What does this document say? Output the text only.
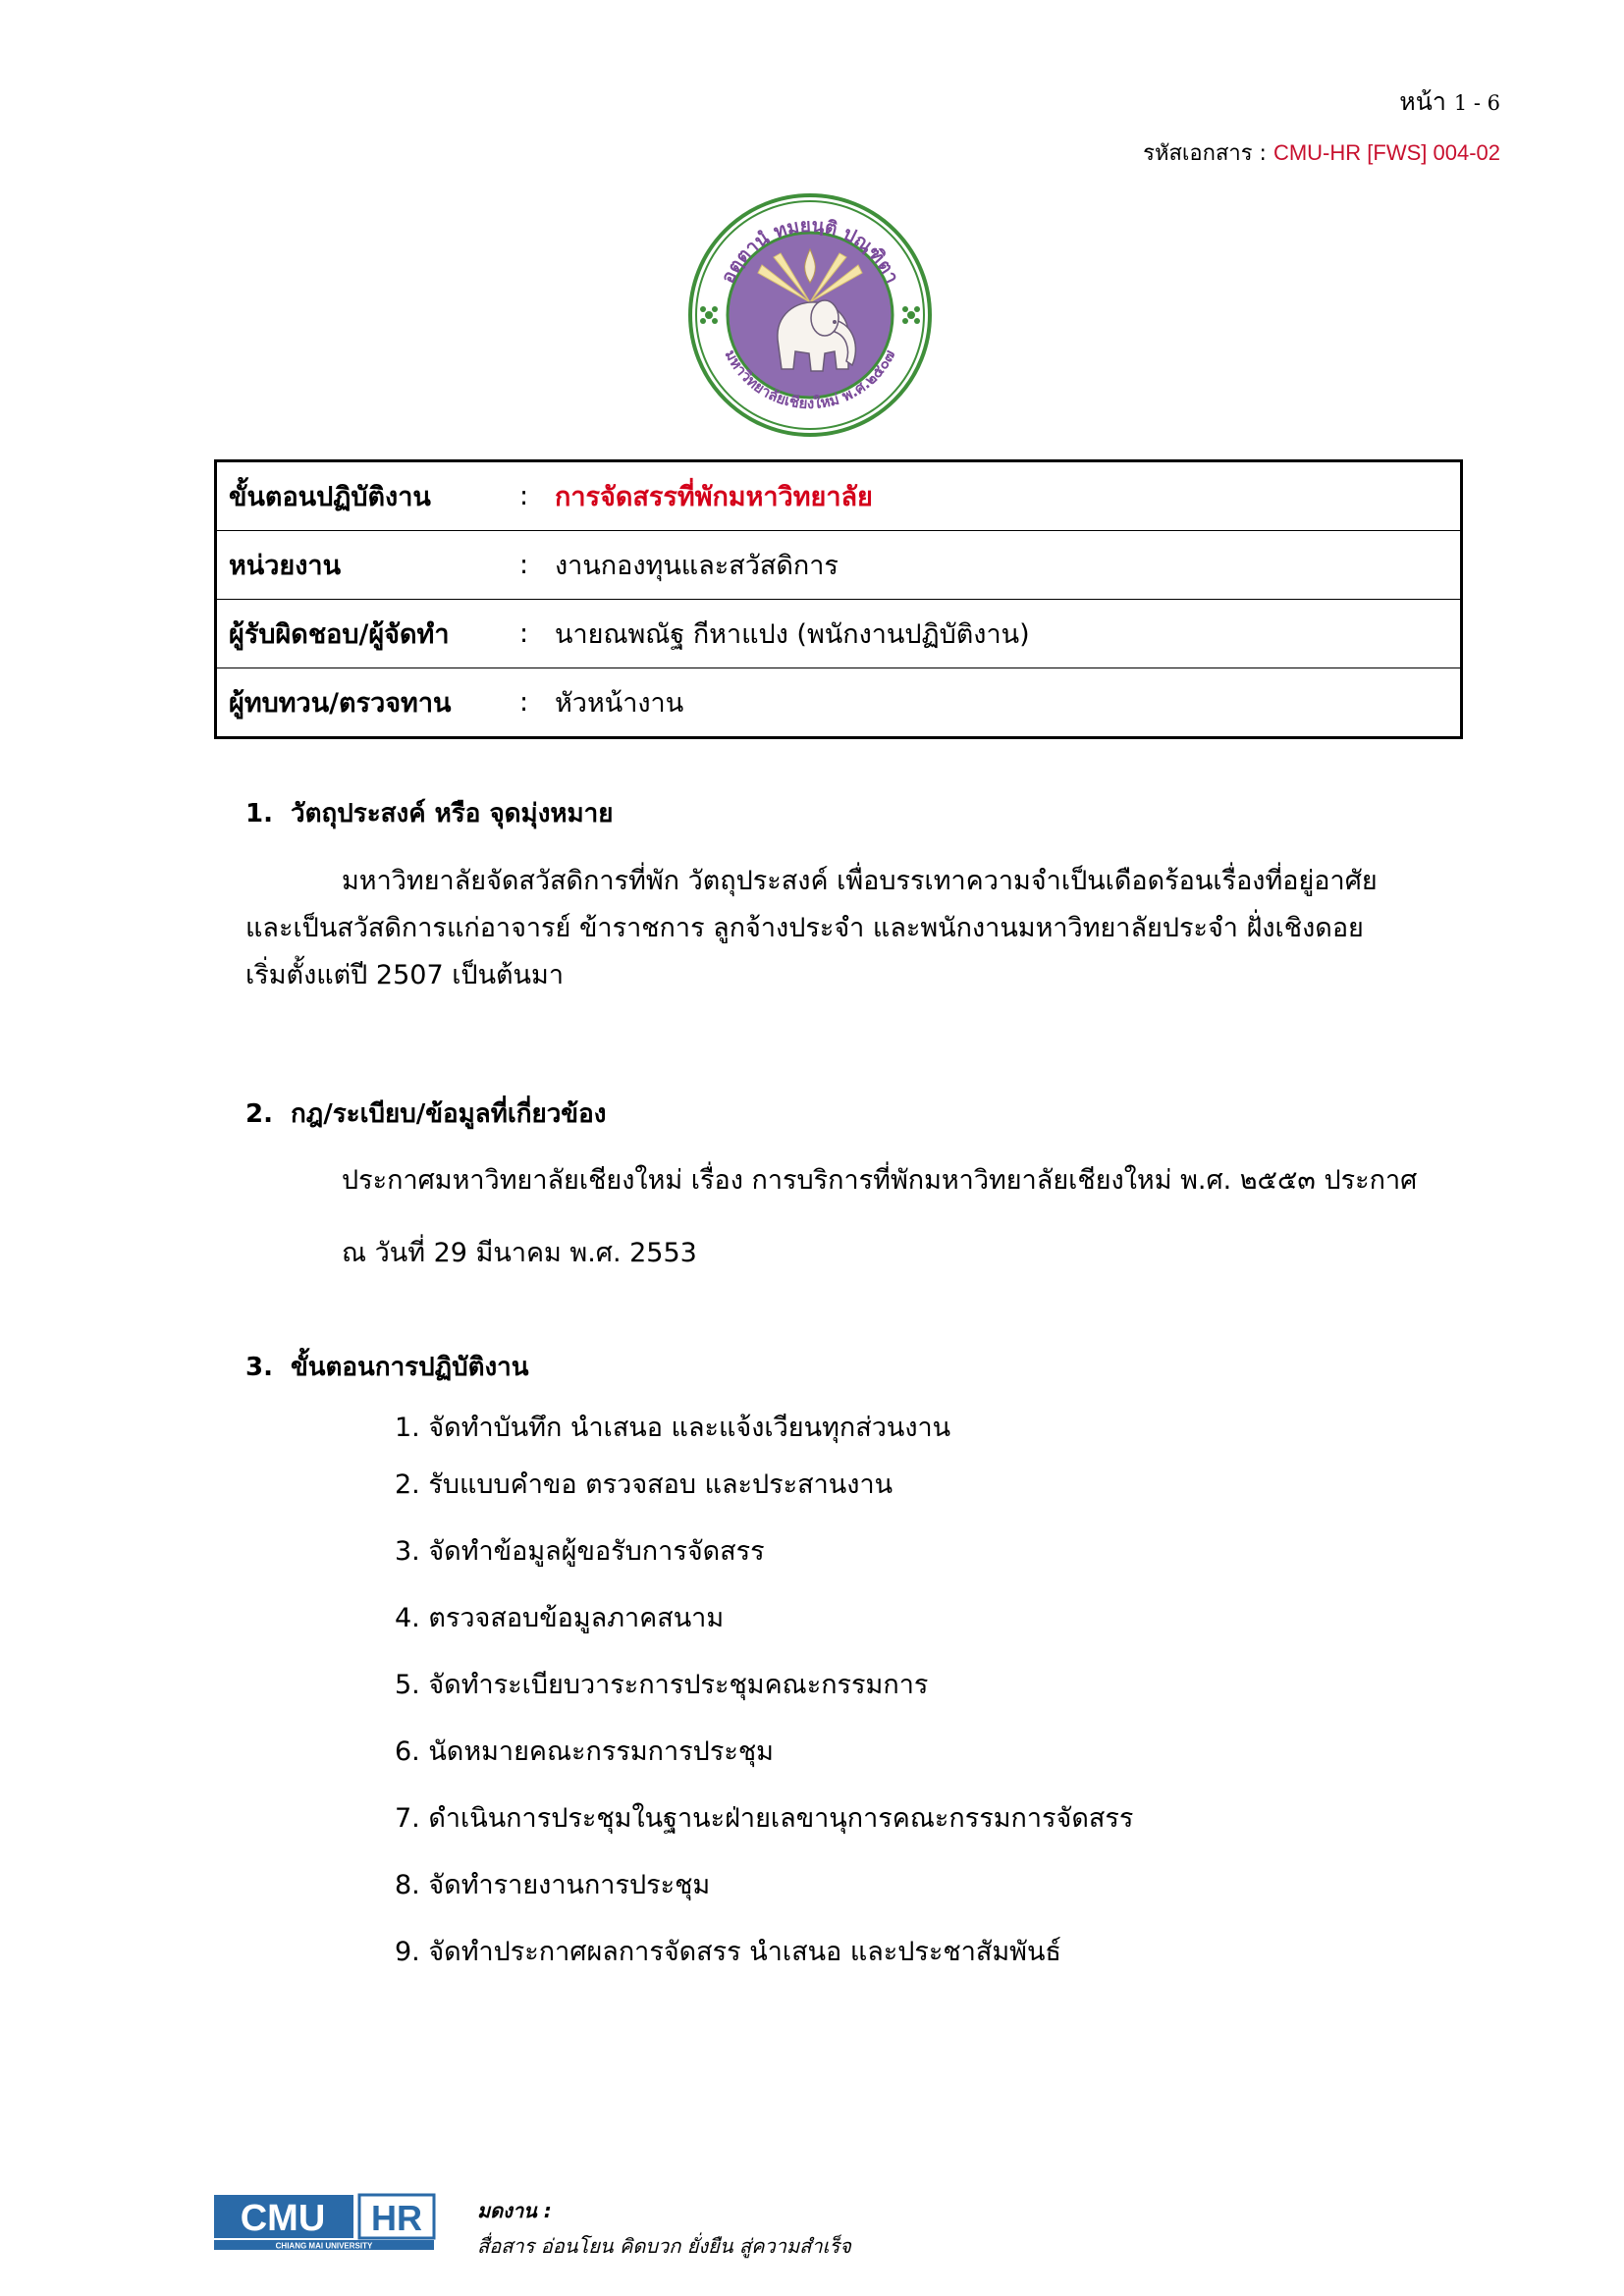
หน้า 1 - 6
รหัสเอกสาร : CMU-HR [FWS] 004-02
อตฺตานํ ทมยนฺติ ปณฺฑิตา
มหาวิทยาลัยเชียงใหม่ พ.ศ.๒๕๐๗
ขั้นตอนปฏิบัติงาน	:	การจัดสรรที่พักมหาวิทยาลัย
หน่วยงาน	:	งานกองทุนและสวัสดิการ
ผู้รับผิดชอบ/ผู้จัดทำ	:	นายณพณัฐ กีหาแปง (พนักงานปฏิบัติงาน)
ผู้ทบทวน/ตรวจทาน	:	หัวหน้างาน
1. วัตถุประสงค์ หรือ จุดมุ่งหมาย
มหาวิทยาลัยจัดสวัสดิการที่พัก วัตถุประสงค์ เพื่อบรรเทาความจำเป็นเดือดร้อนเรื่องที่อยู่อาศัย
และเป็นสวัสดิการแก่อาจารย์ ข้าราชการ ลูกจ้างประจำ และพนักงานมหาวิทยาลัยประจำ ฝั่งเชิงดอย
เริ่มตั้งแต่ปี 2507 เป็นต้นมา
2. กฎ/ระเบียบ/ข้อมูลที่เกี่ยวข้อง
ประกาศมหาวิทยาลัยเชียงใหม่ เรื่อง การบริการที่พักมหาวิทยาลัยเชียงใหม่ พ.ศ. ๒๕๕๓ ประกาศ
ณ วันที่ 29 มีนาคม พ.ศ. 2553
3. ขั้นตอนการปฏิบัติงาน
1. จัดทำบันทึก นำเสนอ และแจ้งเวียนทุกส่วนงาน
2. รับแบบคำขอ ตรวจสอบ และประสานงาน
3. จัดทำข้อมูลผู้ขอรับการจัดสรร
4. ตรวจสอบข้อมูลภาคสนาม
5. จัดทำระเบียบวาระการประชุมคณะกรรมการ
6. นัดหมายคณะกรรมการประชุม
7. ดำเนินการประชุมในฐานะฝ่ายเลขานุการคณะกรรมการจัดสรร
8. จัดทำรายงานการประชุม
9. จัดทำประกาศผลการจัดสรร นำเสนอ และประชาสัมพันธ์
CMU HR
CHIANG MAI UNIVERSITY
มดงาน :
สื่อสาร อ่อนโยน คิดบวก ยั่งยืน สู่ความสำเร็จ
